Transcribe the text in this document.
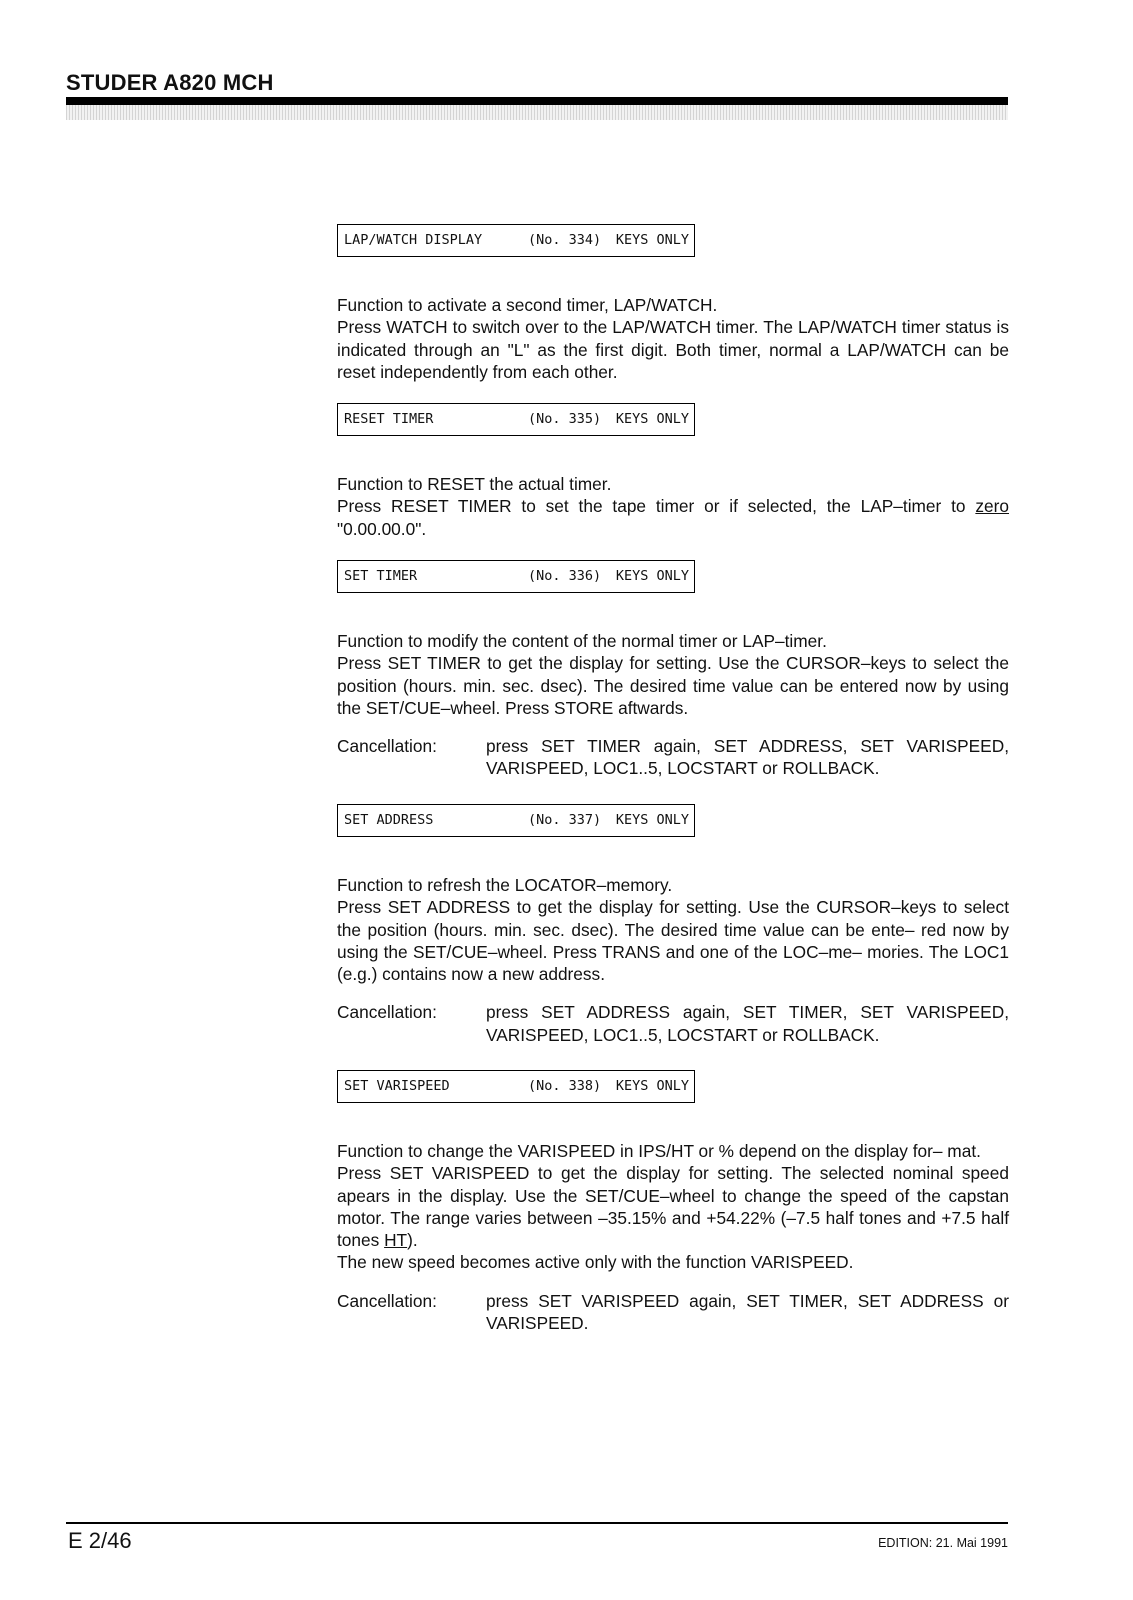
STUDER A820 MCH
LAP/WATCH DISPLAY	(No. 334) KEYS ONLY

Function to activate a second timer, LAP/WATCH.

Press WATCH to switch over to the LAP/WATCH timer. The LAP/WATCH timer status is indicated through an "L" as the first digit. Both timer, normal a LAP/WATCH can be reset independently from each other.

RESET TIMER	(No. 335) KEYS ONLY

Function to RESET the actual timer.

Press RESET TIMER to set the tape timer or if selected, the LAP–timer to zero "0.00.00.0".

SET TIMER	(No. 336) KEYS ONLY

Function to modify the content of the normal timer or LAP–timer.

Press SET TIMER to get the display for setting. Use the CURSOR–keys to select the position (hours. min. sec. dsec). The desired time value can be entered now by using the SET/CUE–wheel. Press STORE aftwards.

Cancellation:	press SET TIMER again, SET ADDRESS, SET VARISPEED, VARISPEED, LOC1..5, LOCSTART or ROLLBACK.
SET ADDRESS	(No. 337) KEYS ONLY

Function to refresh the LOCATOR–memory.

Press SET ADDRESS to get the display for setting. Use the CURSOR–keys to select the position (hours. min. sec. dsec). The desired time value can be ente– red now by using the SET/CUE–wheel. Press TRANS and one of the LOC–me– mories. The LOC1 (e.g.) contains now a new address.

Cancellation:	press SET ADDRESS again, SET TIMER, SET VARISPEED, VARISPEED, LOC1..5, LOCSTART or ROLLBACK.
SET VARISPEED	(No. 338) KEYS ONLY

Function to change the VARISPEED in IPS/HT or % depend on the display for– mat.

Press SET VARISPEED to get the display for setting. The selected nominal speed apears in the display. Use the SET/CUE–wheel to change the speed of the capstan motor. The range varies between –35.15% and +54.22% (–7.5 half tones and +7.5 half tones HT).

The new speed becomes active only with the function VARISPEED.

Cancellation:	press SET VARISPEED again, SET TIMER, SET ADDRESS or VARISPEED.
E 2/46	EDITION: 21. Mai 1991
